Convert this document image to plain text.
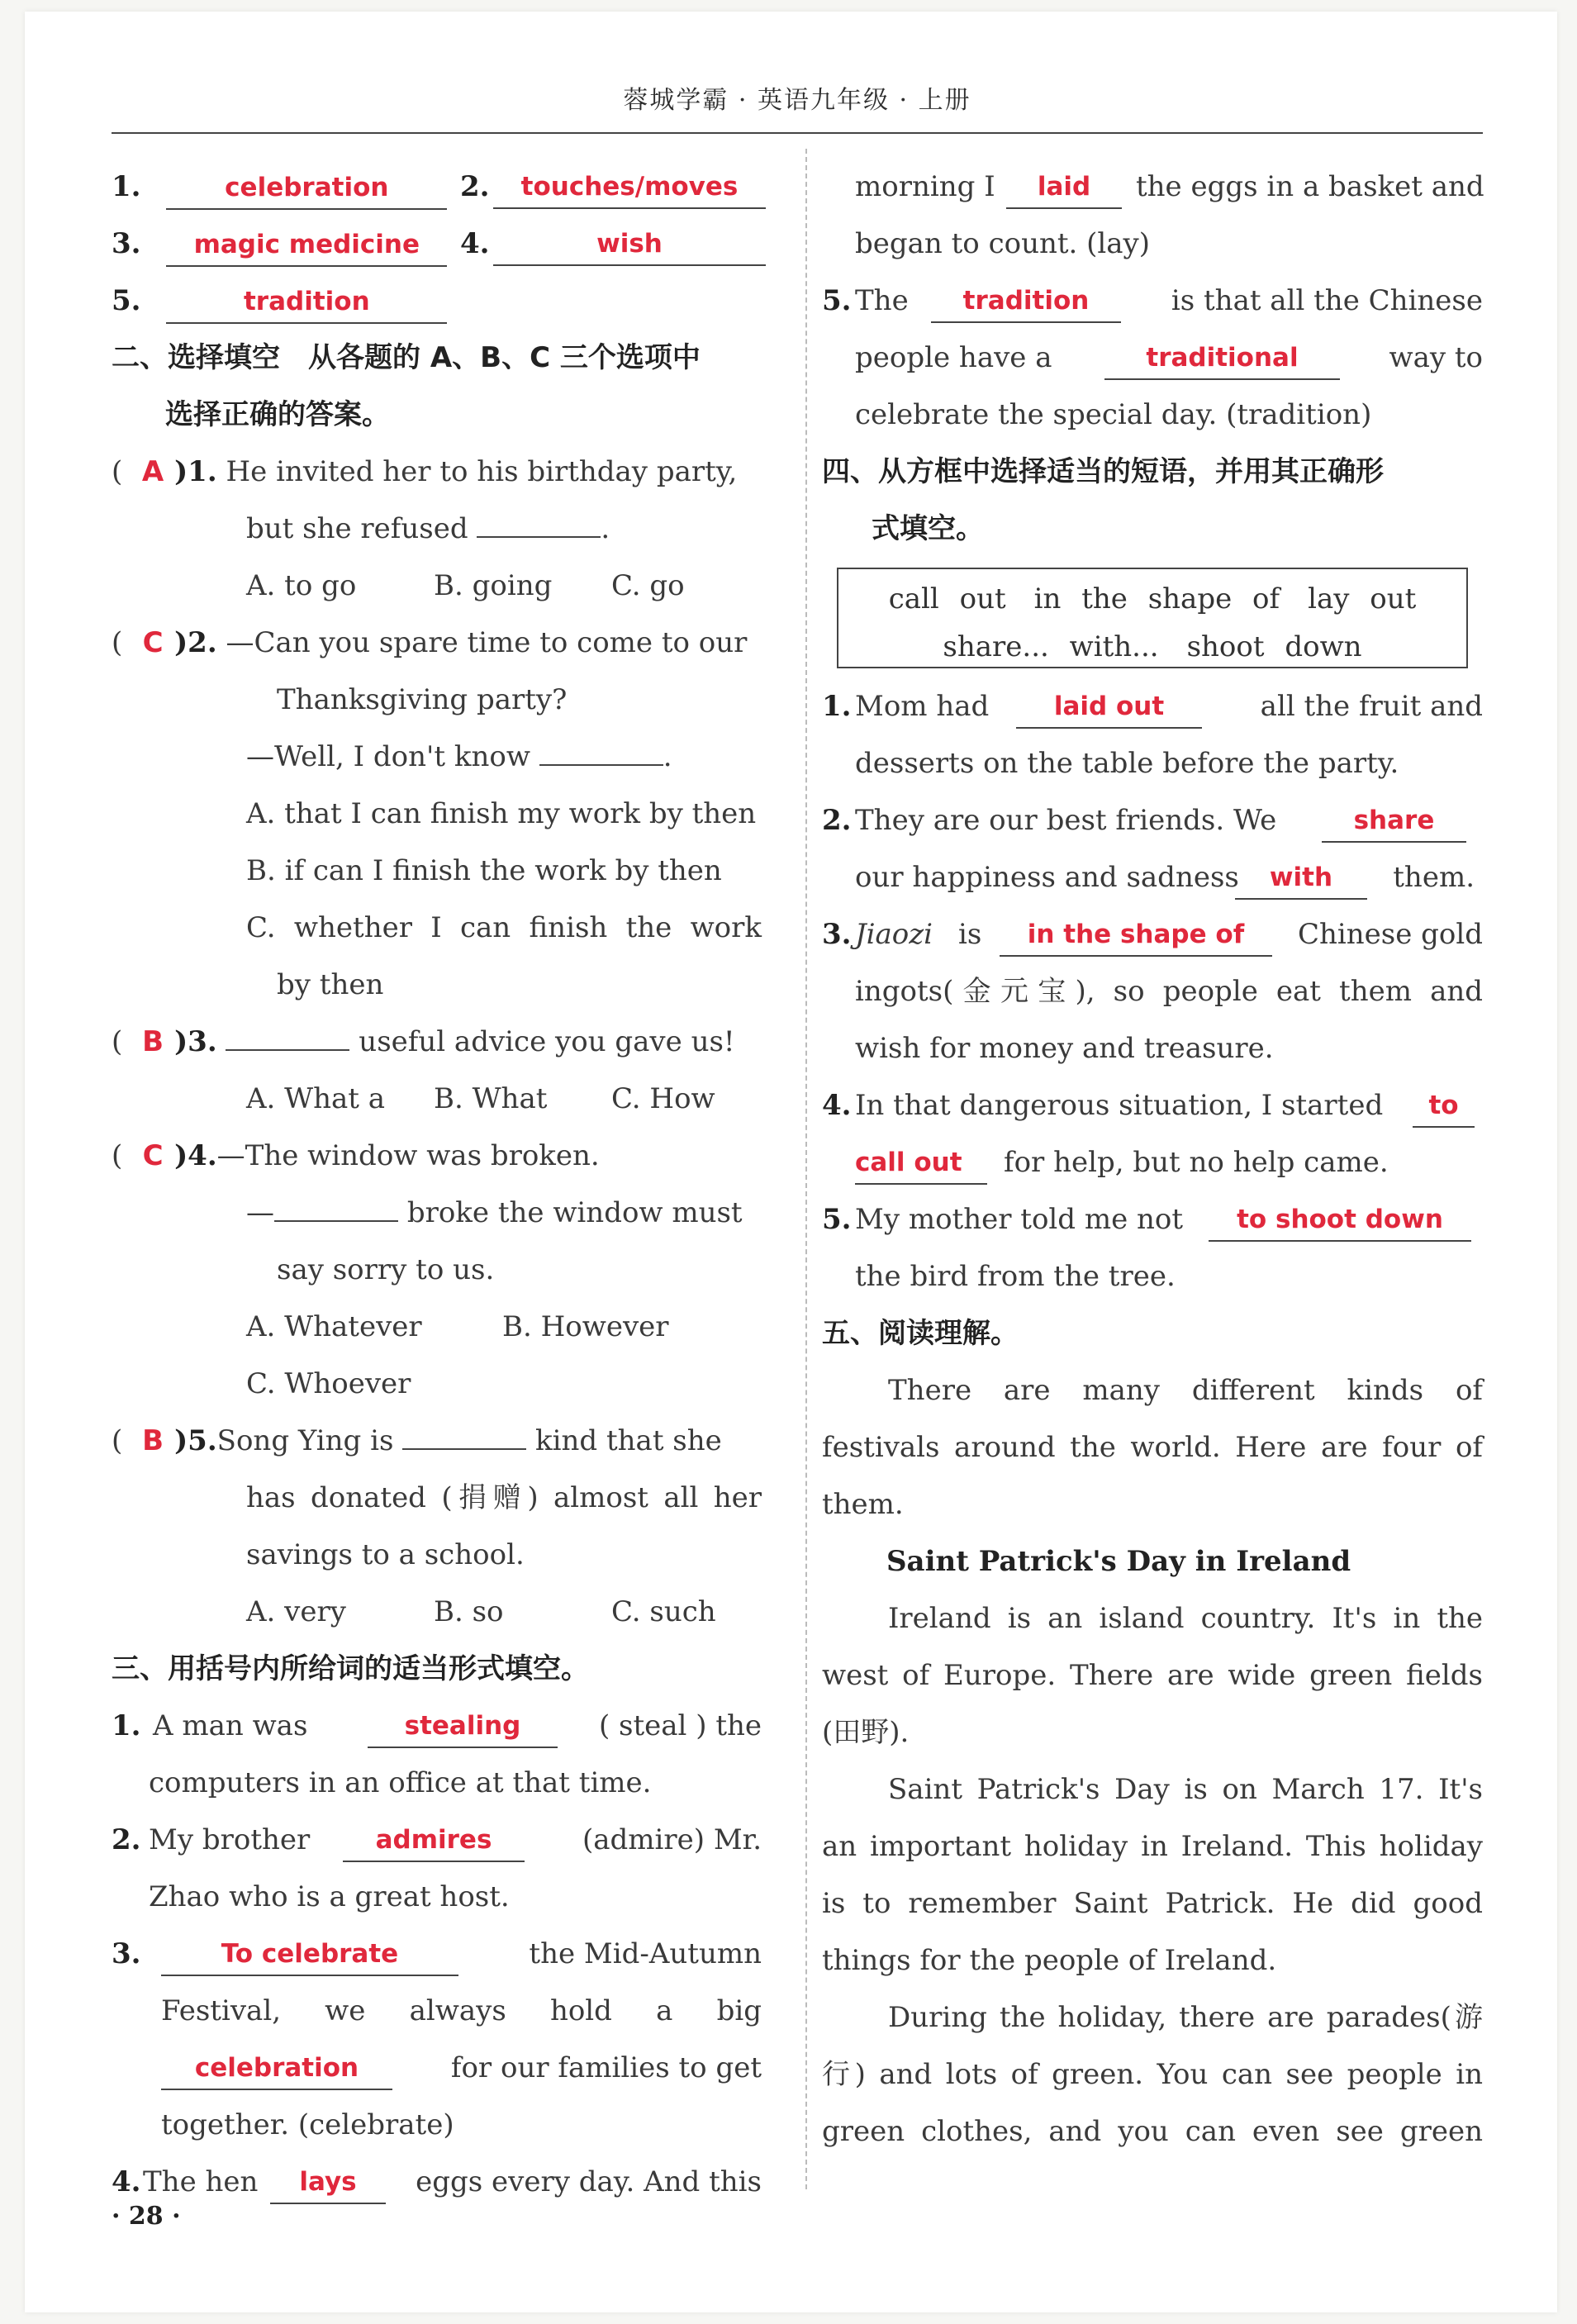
蓉城学霸 · 英语九年级 · 上册
1.	celebration	2.	touches/moves
3. magic medicine 4.	wish
5.	tradition
二、选择填空　从各题的 A、B、C 三个选项中
选择正确的答案。
( A )1. He invited her to his birthday party,
but she refused	.
A. to go	B. going C. go
( C )2. —Can you spare time to come to our
Thanksgiving party?
—Well, I don't know	.
A. that I can finish my work by then
B. if can I finish the work by then
C. whether I can finish the work
by then
( B )3.	useful advice you gave us!
A. What a B. What C. How
( C )4.—The window was broken.
—	broke the window must
say sorry to us.
A. Whatever	B. However
C. Whoever
( B )5.Song Ying is	kind that she
has donated (捐赠) almost all her
savings to a school.
A. very	B. so	C. such
三、用括号内所给词的适当形式填空。
1. A man was	stealing	( steal ) the
computers in an office at that time.
2. My brother	admires	(admire) Mr.
Zhao who is a great host.
3.	To celebrate	the Mid-Autumn
Festival, we always hold a big
celebration	for our families to get
together. (celebrate)
4. The hen	lays	eggs every day. And this
morning I	laid	the eggs in a basket and
began to count. (lay)
5. The	tradition	is that all the Chinese
people have a	traditional	way to
celebrate the special day. (tradition)
四、从方框中选择适当的短语，并用其正确形
式填空。
call out　in the shape of　lay out
share... with...　shoot down
1. Mom had	laid out	all the fruit and
desserts on the table before the party.
2. They are our best friends. We	share
our happiness and sadness	with	them.
3. Jiaozi is	in the shape of	Chinese gold
ingots(金元宝), so people eat them and
wish for money and treasure.
4. In that dangerous situation, I started	to
call out	for help, but no help came.
5. My mother told me not	to shoot down
the bird from the tree.
五、阅读理解。
There are many different kinds of
festivals around the world. Here are four of
them.
Saint Patrick's Day in Ireland
Ireland is an island country. It's in the
west of Europe. There are wide green fields
(田野).
Saint Patrick's Day is on March 17. It's
an important holiday in Ireland. This holiday
is to remember Saint Patrick. He did good
things for the people of Ireland.
During the holiday, there are parades(游
行) and lots of green. You can see people in
green clothes, and you can even see green
· 28 ·
